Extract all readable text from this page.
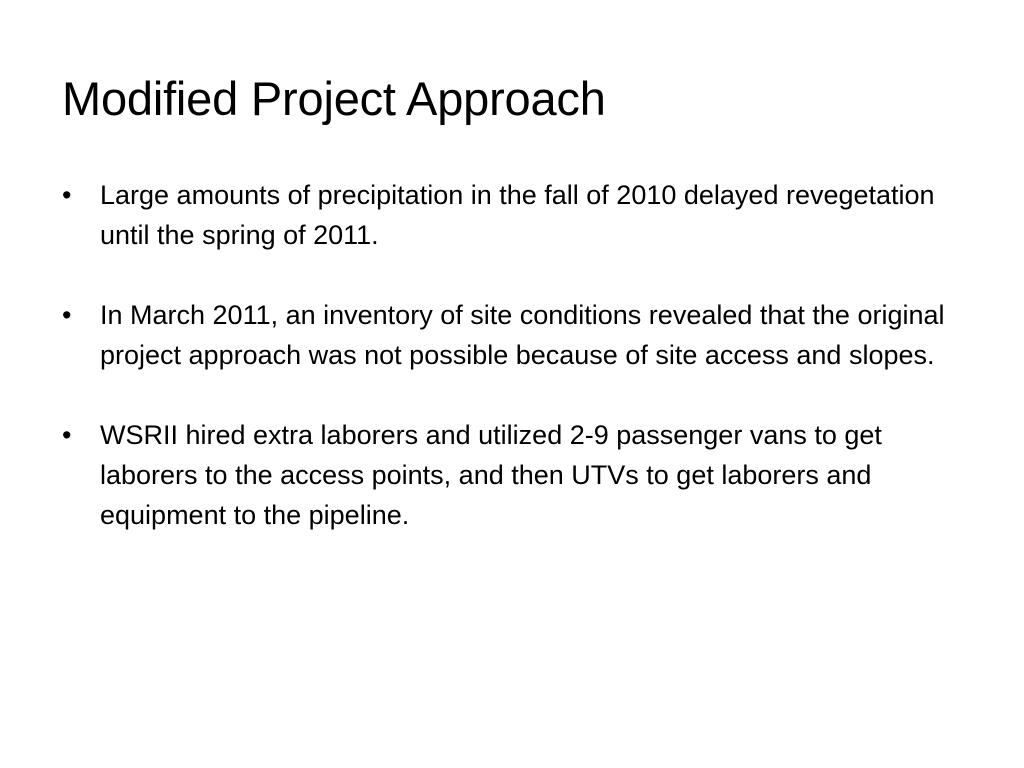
Modified Project Approach
•	Large amounts of precipitation in the fall of 2010 delayed revegetation until the spring of 2011.
•	In March 2011, an inventory of site conditions revealed that the original project approach was not possible because of site access and slopes.
•	WSRII hired extra laborers and utilized 2-9 passenger vans to get laborers to the access points, and then UTVs to get laborers and equipment to the pipeline.
